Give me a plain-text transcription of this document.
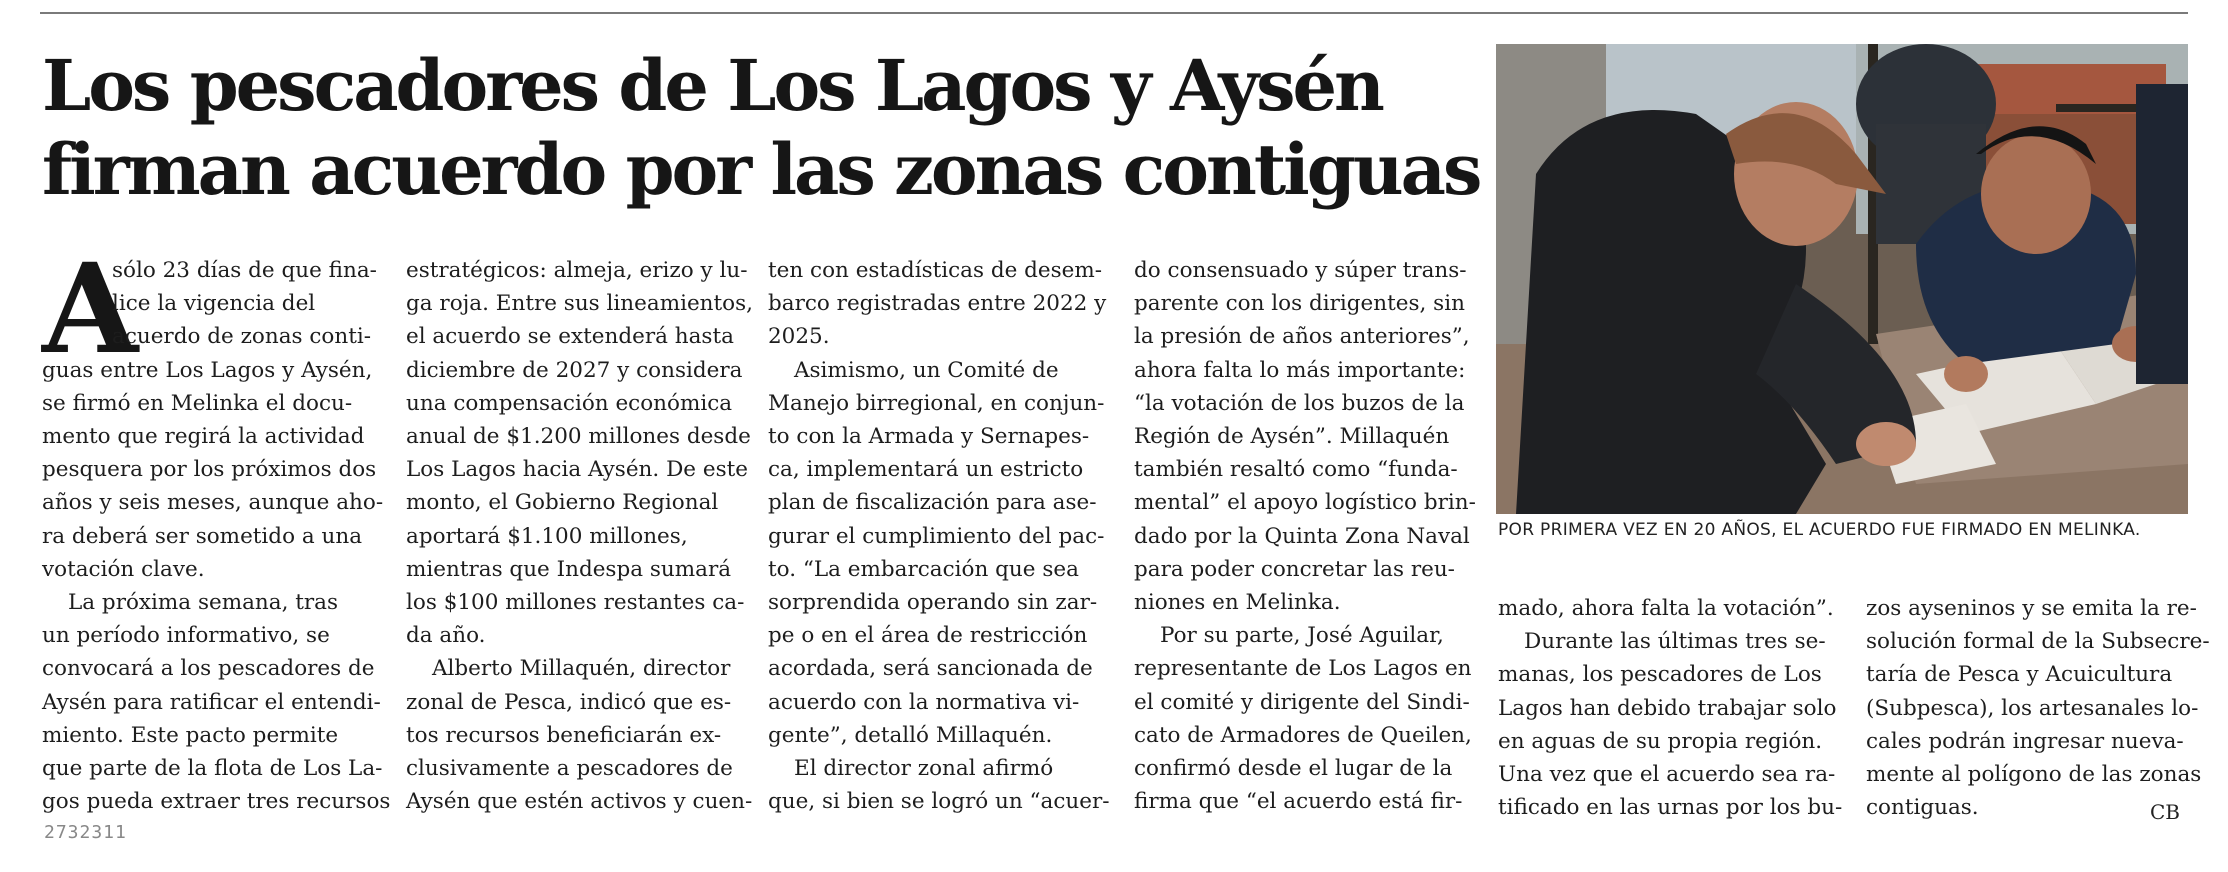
Los pescadores de Los Lagos y Aysén
firman acuerdo por las zonas contiguas
A

sólo 23 días de que fina-

lice la vigencia del

acuerdo de zonas conti-

guas entre Los Lagos y Aysén,

se firmó en Melinka el docu-

mento que regirá la actividad

pesquera por los próximos dos

años y seis meses, aunque aho-

ra deberá ser sometido a una

votación clave.

La próxima semana, tras

un período informativo, se

convocará a los pescadores de

Aysén para ratificar el entendi-

miento. Este pacto permite

que parte de la flota de Los La-

gos pueda extraer tres recursos

estratégicos: almeja, erizo y lu-

ga roja. Entre sus lineamientos,

el acuerdo se extenderá hasta

diciembre de 2027 y considera

una compensación económica

anual de $1.200 millones desde

Los Lagos hacia Aysén. De este

monto, el Gobierno Regional

aportará $1.100 millones,

mientras que Indespa sumará

los $100 millones restantes ca-

da año.

Alberto Millaquén, director

zonal de Pesca, indicó que es-

tos recursos beneficiarán ex-

clusivamente a pescadores de

Aysén que estén activos y cuen-

ten con estadísticas de desem-

barco registradas entre 2022 y

2025.

Asimismo, un Comité de

Manejo birregional, en conjun-

to con la Armada y Sernapes-

ca, implementará un estricto

plan de fiscalización para ase-

gurar el cumplimiento del pac-

to. “La embarcación que sea

sorprendida operando sin zar-

pe o en el área de restricción

acordada, será sancionada de

acuerdo con la normativa vi-

gente”, detalló Millaquén.

El director zonal afirmó

que, si bien se logró un “acuer-

do consensuado y súper trans-

parente con los dirigentes, sin

la presión de años anteriores”,

ahora falta lo más importante:

“la votación de los buzos de la

Región de Aysén”. Millaquén

también resaltó como “funda-

mental” el apoyo logístico brin-

dado por la Quinta Zona Naval

para poder concretar las reu-

niones en Melinka.

Por su parte, José Aguilar,

representante de Los Lagos en

el comité y dirigente del Sindi-

cato de Armadores de Queilen,

confirmó desde el lugar de la

firma que “el acuerdo está fir-

POR PRIMERA VEZ EN 20 AÑOS, EL ACUERDO FUE FIRMADO EN MELINKA.

mado, ahora falta la votación”.

Durante las últimas tres se-

manas, los pescadores de Los

Lagos han debido trabajar solo

en aguas de su propia región.

Una vez que el acuerdo sea ra-

tificado en las urnas por los bu-

zos ayseninos y se emita la re-

solución formal de la Subsecre-

taría de Pesca y Acuicultura

(Subpesca), los artesanales lo-

cales podrán ingresar nueva-

mente al polígono de las zonas

contiguas.	CB
2732311
